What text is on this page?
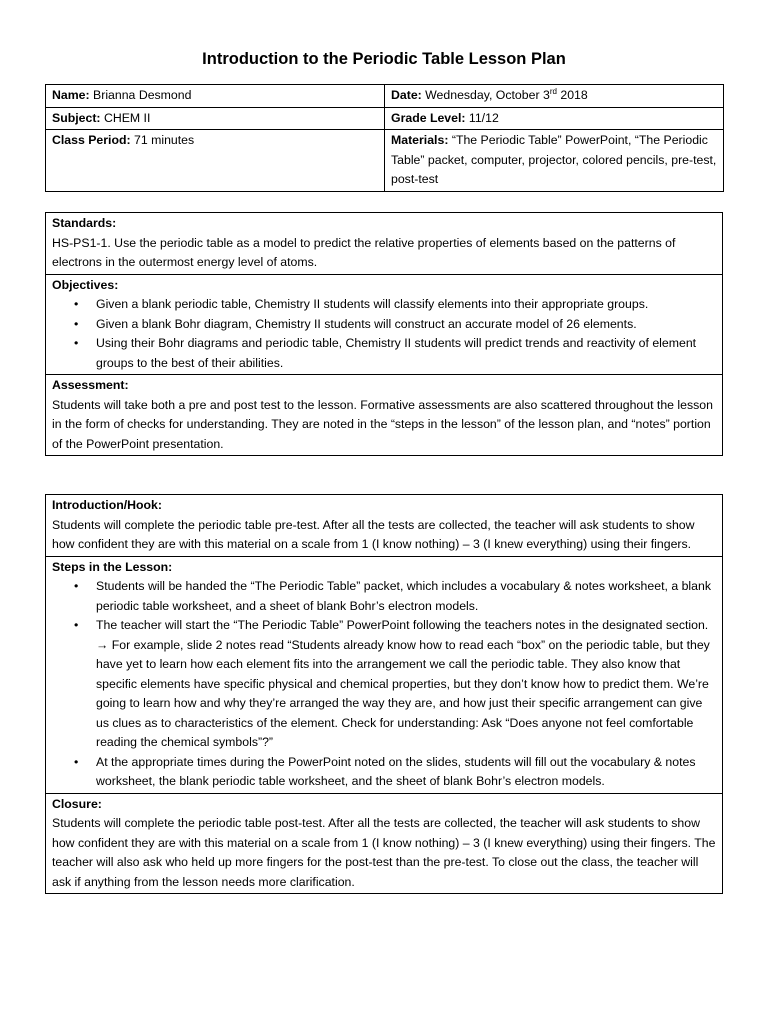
Introduction to the Periodic Table Lesson Plan
Name: Brianna Desmond	Date: Wednesday, October 3rd 2018
Subject: CHEM II	Grade Level: 11/12
Class Period: 71 minutes	Materials: “The Periodic Table” PowerPoint, “The Periodic Table” packet, computer, projector, colored pencils, pre-test, post-test
Standards:
HS-PS1-1. Use the periodic table as a model to predict the relative properties of elements based on the patterns of electrons in the outermost energy level of atoms.

Objectives:
• Given a blank periodic table, Chemistry II students will classify elements into their appropriate groups.
• Given a blank Bohr diagram, Chemistry II students will construct an accurate model of 26 elements.
• Using their Bohr diagrams and periodic table, Chemistry II students will predict trends and reactivity of element groups to the best of their abilities.

Assessment:
Students will take both a pre and post test to the lesson. Formative assessments are also scattered throughout the lesson in the form of checks for understanding. They are noted in the “steps in the lesson” of the lesson plan, and “notes” portion of the PowerPoint presentation.
Introduction/Hook:
Students will complete the periodic table pre-test. After all the tests are collected, the teacher will ask students to show how confident they are with this material on a scale from 1 (I know nothing) – 3 (I knew everything) using their fingers.

Steps in the Lesson:
• Students will be handed the “The Periodic Table” packet, which includes a vocabulary & notes worksheet, a blank periodic table worksheet, and a sheet of blank Bohr’s electron models.
• The teacher will start the “The Periodic Table” PowerPoint following the teachers notes in the designated section.
→ For example, slide 2 notes read “Students already know how to read each “box” on the periodic table, but they have yet to learn how each element fits into the arrangement we call the periodic table. They also know that specific elements have specific physical and chemical properties, but they don’t know how to predict them. We’re going to learn how and why they’re arranged the way they are, and how just their specific arrangement can give us clues as to characteristics of the element. Check for understanding: Ask “Does anyone not feel comfortable reading the chemical symbols”?”
• At the appropriate times during the PowerPoint noted on the slides, students will fill out the vocabulary & notes worksheet, the blank periodic table worksheet, and the sheet of blank Bohr’s electron models.

Closure:
Students will complete the periodic table post-test. After all the tests are collected, the teacher will ask students to show how confident they are with this material on a scale from 1 (I know nothing) – 3 (I knew everything) using their fingers. The teacher will also ask who held up more fingers for the post-test than the pre-test. To close out the class, the teacher will ask if anything from the lesson needs more clarification.
